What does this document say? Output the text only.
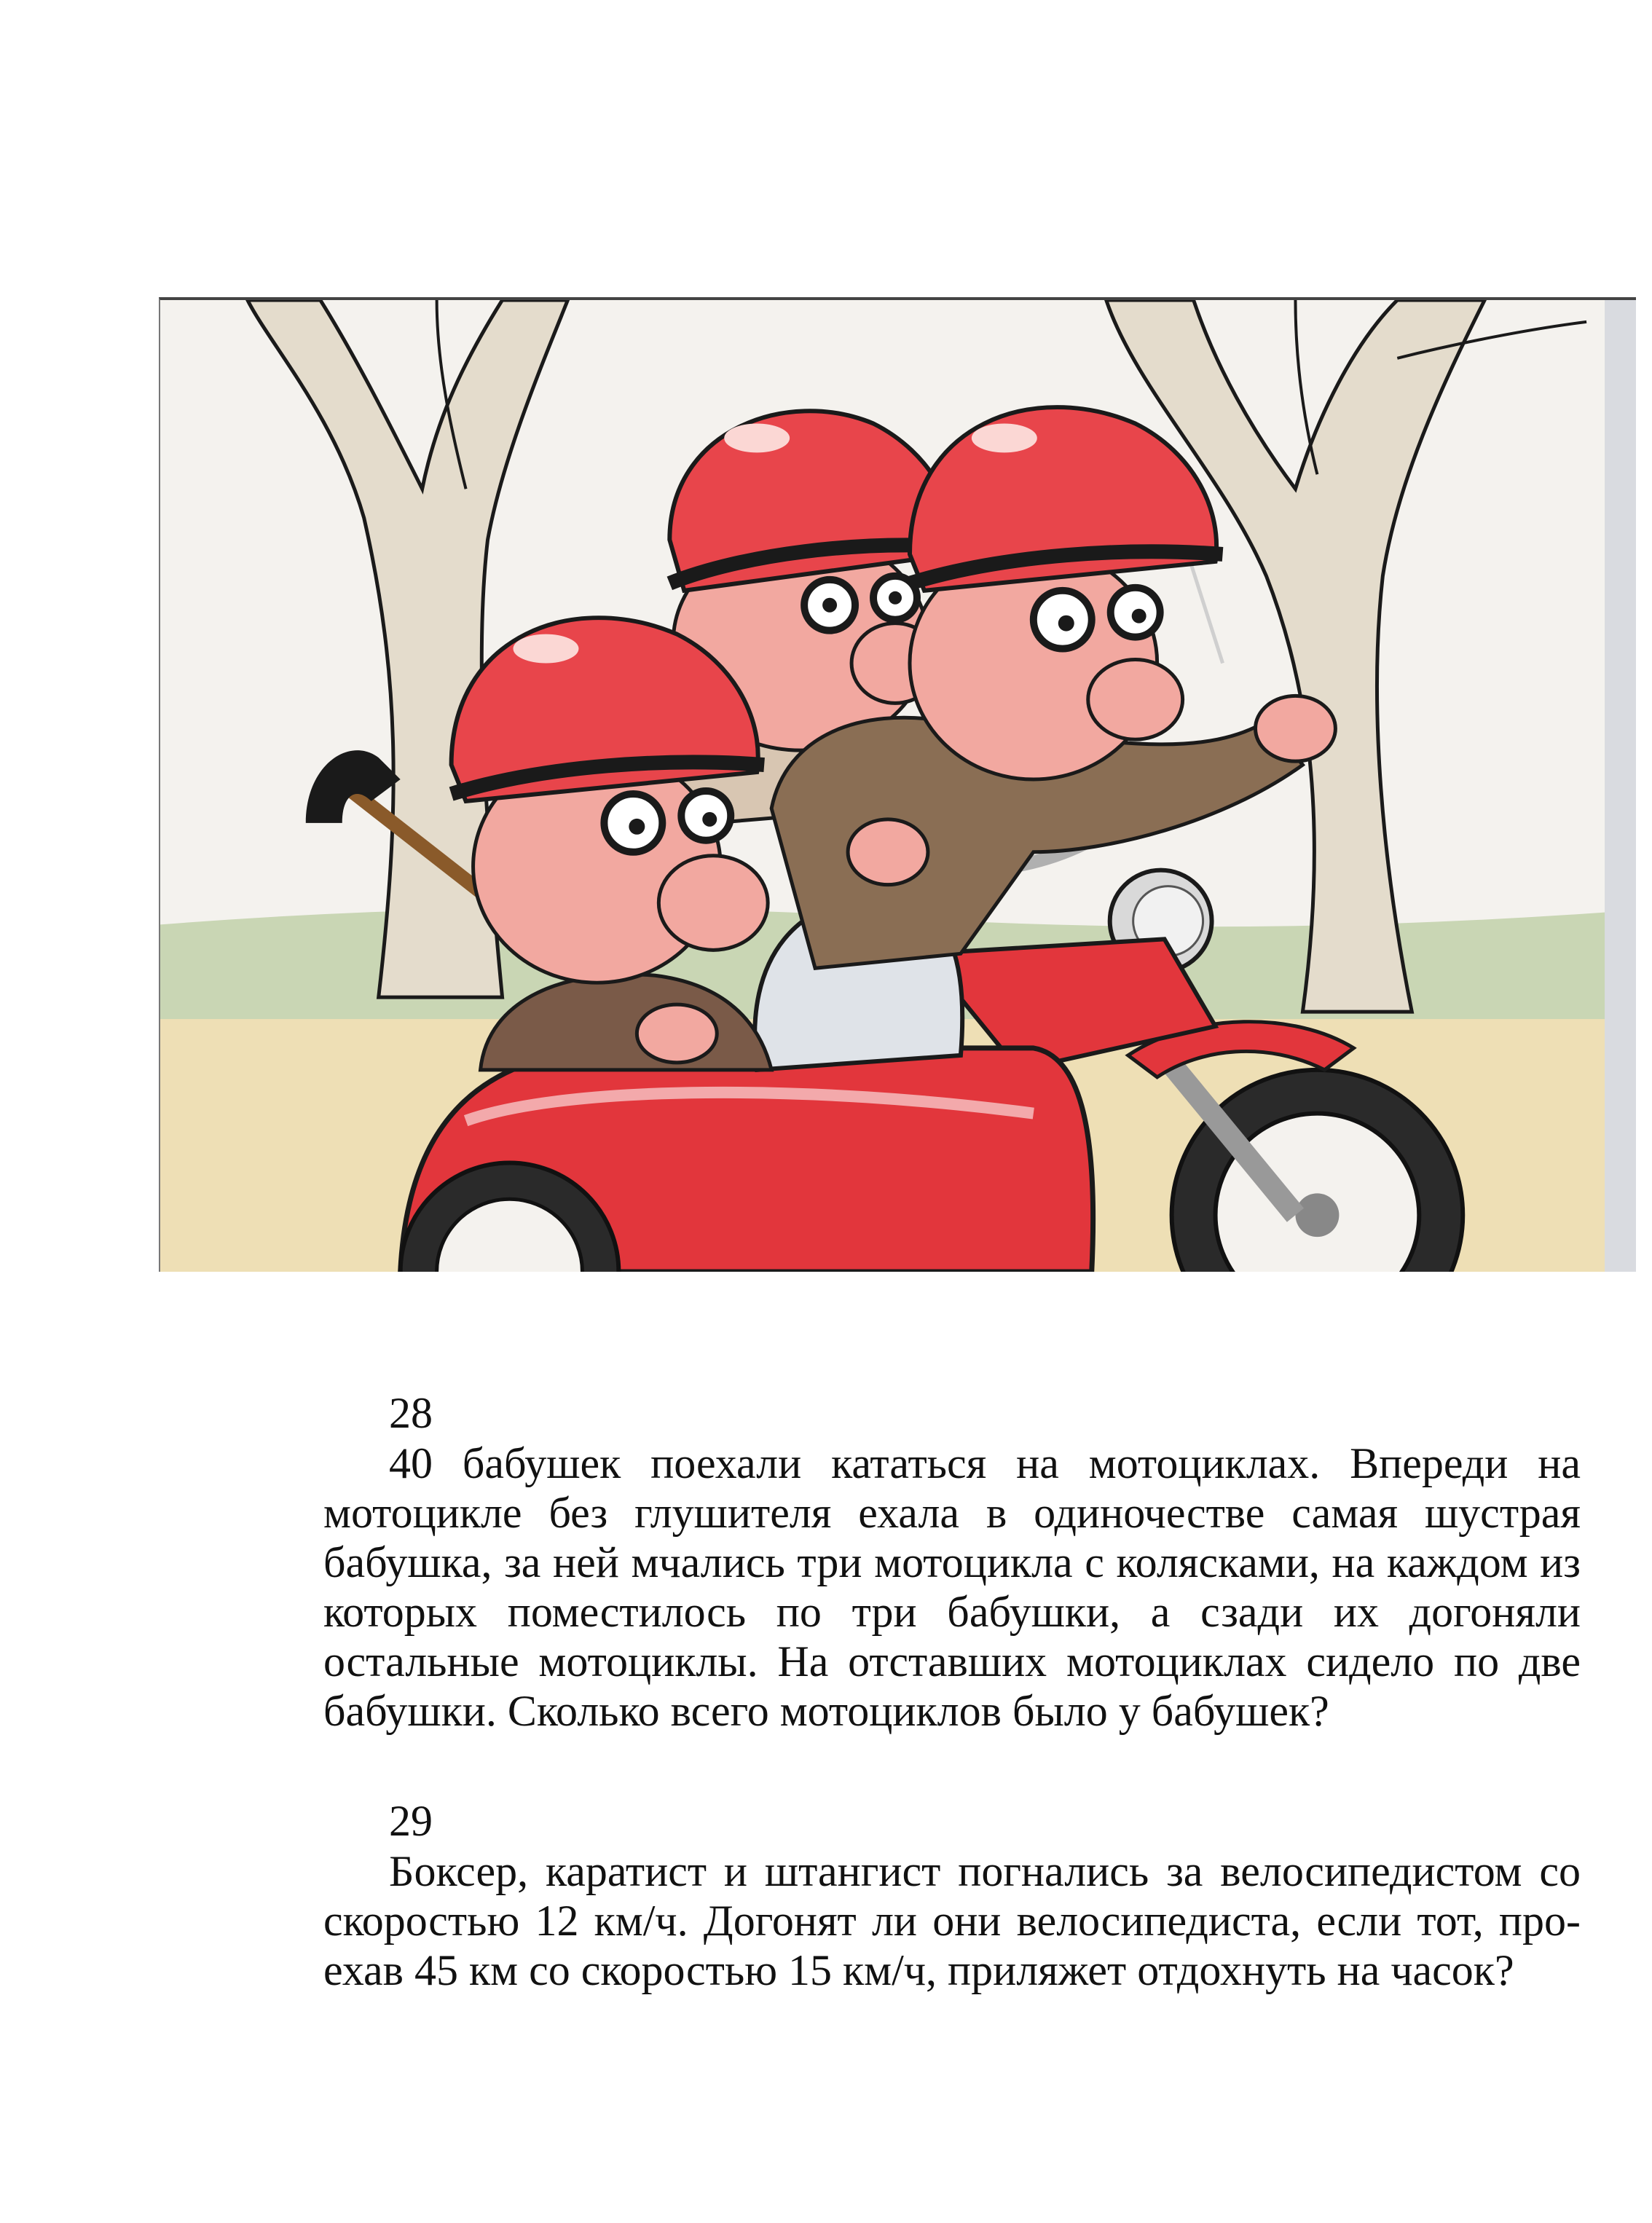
28

40 бабушек поехали кататься на мотоциклах. Впереди на мотоцикле без глушителя ехала в одиночестве самая шустрая бабушка, за ней мчались три мотоцикла с колясками, на каждом из которых поместилось по три бабушки, а сзади их догоняли остальные мотоциклы. На отставших мотоциклах сидело по две бабушки. Сколько всего мотоциклов было у бабушек?

29

Боксер, каратист и штангист погнались за велосипедистом со скоростью 12 км/ч. Догонят ли они велосипедиста, если тот, про-ехав 45 км со скоростью 15 км/ч, приляжет отдохнуть на часок?
